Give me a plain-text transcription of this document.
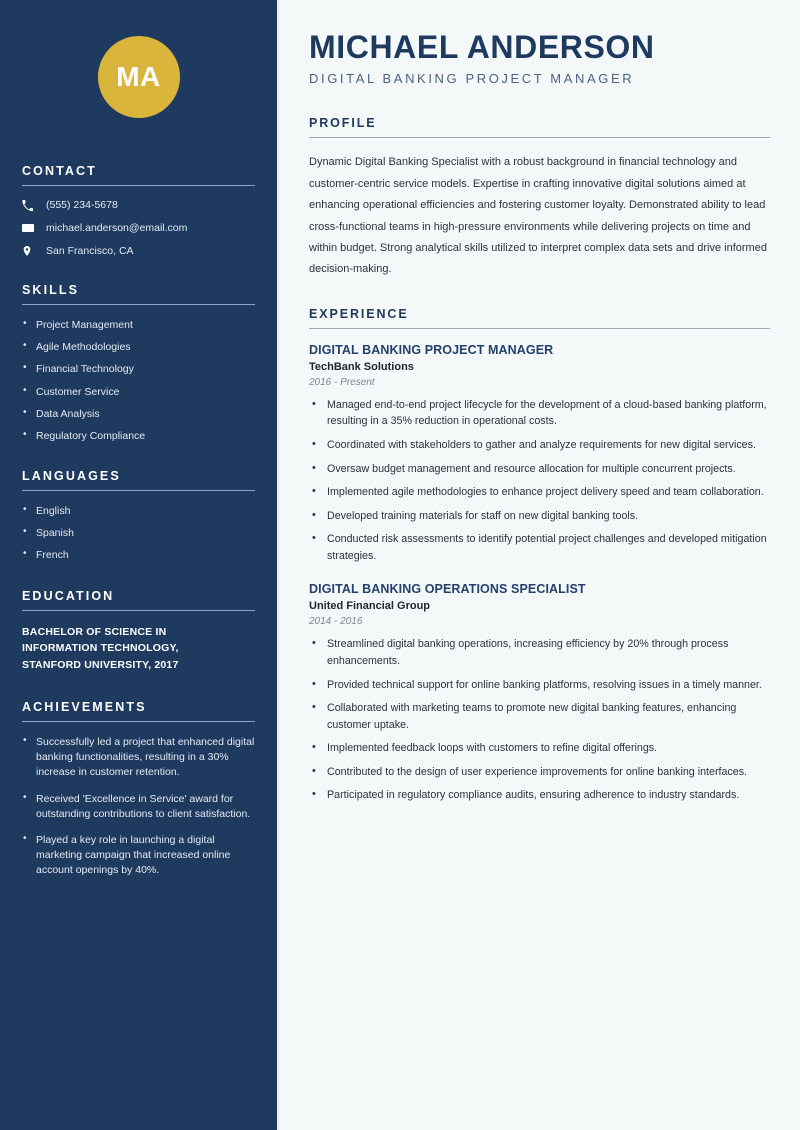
MA
CONTACT
(555) 234-5678
michael.anderson@email.com
San Francisco, CA
SKILLS
• Project Management
• Agile Methodologies
• Financial Technology
• Customer Service
• Data Analysis
• Regulatory Compliance
LANGUAGES
• English
• Spanish
• French
EDUCATION
BACHELOR OF SCIENCE IN
INFORMATION TECHNOLOGY,
STANFORD UNIVERSITY, 2017
ACHIEVEMENTS
• Successfully led a project that enhanced digital banking functionalities, resulting in a 30% increase in customer retention.
• Received 'Excellence in Service' award for outstanding contributions to client satisfaction.
• Played a key role in launching a digital marketing campaign that increased online account openings by 40%.
MICHAEL ANDERSON
DIGITAL BANKING PROJECT MANAGER
PROFILE

Dynamic Digital Banking Specialist with a robust background in financial technology and customer-centric service models. Expertise in crafting innovative digital solutions aimed at enhancing operational efficiencies and fostering customer loyalty. Demonstrated ability to lead cross-functional teams in high-pressure environments while delivering projects on time and within budget. Strong analytical skills utilized to interpret complex data sets and drive informed decision-making.

EXPERIENCE
DIGITAL BANKING PROJECT MANAGER
TechBank Solutions
2016 - Present
• Managed end-to-end project lifecycle for the development of a cloud-based banking platform, resulting in a 35% reduction in operational costs.
• Coordinated with stakeholders to gather and analyze requirements for new digital services.
• Oversaw budget management and resource allocation for multiple concurrent projects.
• Implemented agile methodologies to enhance project delivery speed and team collaboration.
• Developed training materials for staff on new digital banking tools.
• Conducted risk assessments to identify potential project challenges and developed mitigation strategies.
DIGITAL BANKING OPERATIONS SPECIALIST
United Financial Group
2014 - 2016
• Streamlined digital banking operations, increasing efficiency by 20% through process enhancements.
• Provided technical support for online banking platforms, resolving issues in a timely manner.
• Collaborated with marketing teams to promote new digital banking features, enhancing customer uptake.
• Implemented feedback loops with customers to refine digital offerings.
• Contributed to the design of user experience improvements for online banking interfaces.
• Participated in regulatory compliance audits, ensuring adherence to industry standards.
